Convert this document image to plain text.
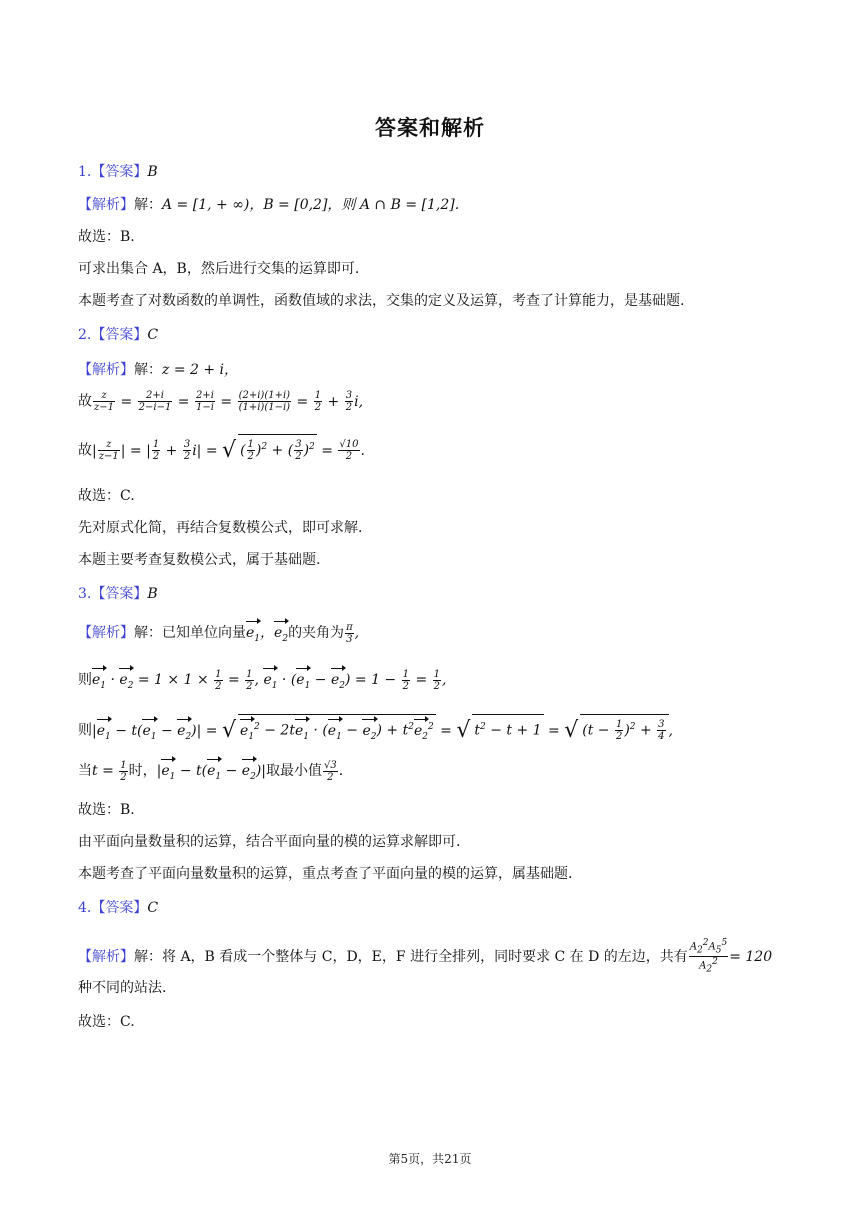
答案和解析
1.【答案】B
【解析】解：A = [1, + ∞)，B = [0,2]，则 A ∩ B = [1,2].
故选：B.
可求出集合 A，B，然后进行交集的运算即可.
本题考查了对数函数的单调性，函数值域的求法，交集的定义及运算，考查了计算能力，是基础题.
2.【答案】C
【解析】解：z = 2 + i，
故 $\frac{z}{z-1} = \frac{2+i}{2-i-1} = \frac{2+i}{1-i} = \frac{(2+i)(1+i)}{(1+i)(1-i)} = \frac{1}{2} + \frac{3}{2} i$,
故| $\frac{z}{z-1}$ | = | $\frac{1}{2} + \frac{3}{2} i|$ = √ ( $\frac{1}{2} )^2$ + ( $\frac{3}{2} )^2 = \frac{√10}{2}$ .
故选：C.
先对原式化简，再结合复数模公式，即可求解.
本题主要考查复数模公式，属于基础题.
3.【答案】B
【解析】解：已知单位向量$e_1$，$e_2$的夹角为 $\frac{\pi}{3}$ ,
则$e_1 \cdot e_2 = 1 \times 1 \times \frac{1}{2} = \frac{1}{2}$ , $e_1 \cdot (e_1 - e_2) = 1 - \frac{1}{2} = \frac{1}{2}$ ,
则$|e_1 - t(e_1 - e_2)|$ = √ $e_1^2 - 2te_1 \cdot (e_1 - e_2) + t^2e_2^2$ = √ $t^2 - t + 1$ = √ $(t - \frac{1}{2} )^2 + \frac{3}{4}$ ,
当$t = \frac{1}{2}$ 时，$|e_1 - t(e_1 - e_2)|$取最小值 $\frac{√3}{2}$ .
故选：B.
由平面向量数量积的运算，结合平面向量的模的运算求解即可.
本题考查了平面向量数量积的运算，重点考查了平面向量的模的运算，属基础题.
4.【答案】C
【解析】解：将 A，B 看成一个整体与 C，D，E，F 进行全排列，同时要求 C 在 D 的左边，共有 $\frac{A_2^2A_5^5}{A_2^2} = 120$
种不同的站法.
故选：C.
第5页，共21页
